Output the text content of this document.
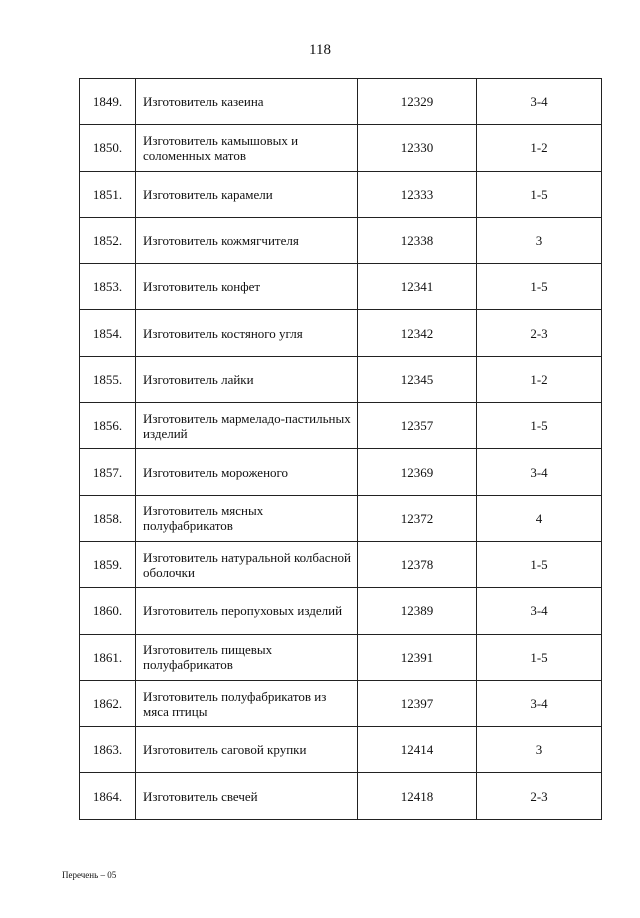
118
1849.	Изготовитель казеина	12329	3-4
1850.	Изготовитель камышовых и соломенных матов	12330	1-2
1851.	Изготовитель карамели	12333	1-5
1852.	Изготовитель кожмягчителя	12338	3
1853.	Изготовитель конфет	12341	1-5
1854.	Изготовитель костяного угля	12342	2-3
1855.	Изготовитель лайки	12345	1-2
1856.	Изготовитель мармеладо-пастильных изделий	12357	1-5
1857.	Изготовитель мороженого	12369	3-4
1858.	Изготовитель мясных полуфабрикатов	12372	4
1859.	Изготовитель натуральной колбасной оболочки	12378	1-5
1860.	Изготовитель перопуховых изделий	12389	3-4
1861.	Изготовитель пищевых полуфабрикатов	12391	1-5
1862.	Изготовитель полуфабрикатов из мяса птицы	12397	3-4
1863.	Изготовитель саговой крупки	12414	3
1864.	Изготовитель свечей	12418	2-3
Перечень – 05
